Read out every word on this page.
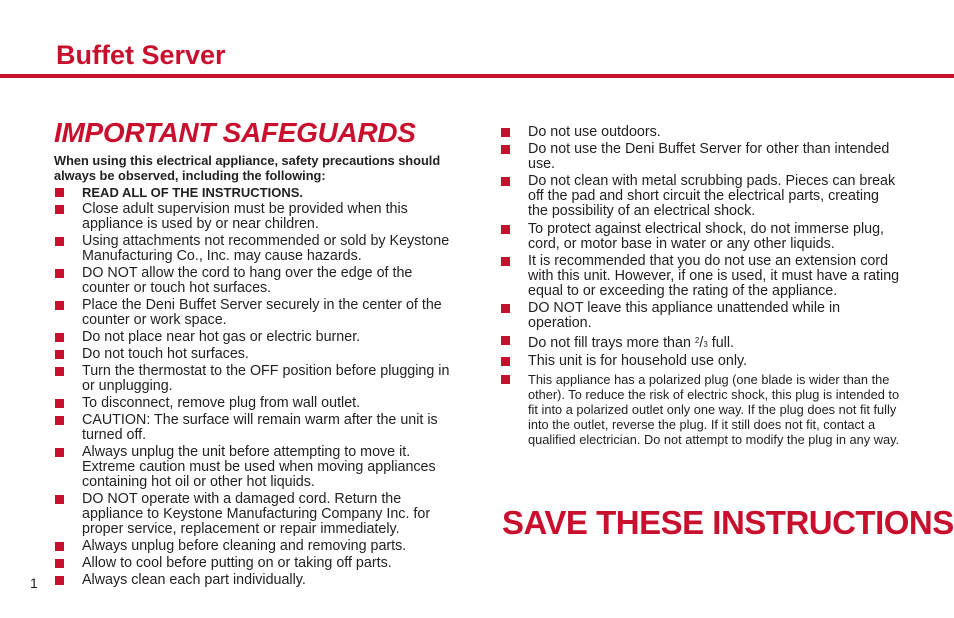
Buffet Server
IMPORTANT SAFEGUARDS

When using this electrical appliance, safety precautions should always be observed, including the following:

READ ALL OF THE INSTRUCTIONS.
Close adult supervision must be provided when this appliance is used by or near children.
Using attachments not recommended or sold by Keystone Manufacturing Co., Inc. may cause hazards.
DO NOT allow the cord to hang over the edge of the counter or touch hot surfaces.
Place the Deni Buffet Server securely in the center of the counter or work space.
Do not place near hot gas or electric burner.
Do not touch hot surfaces.
Turn the thermostat to the OFF position before plugging in or unplugging.
To disconnect, remove plug from wall outlet.
CAUTION: The surface will remain warm after the unit is turned off.
Always unplug the unit before attempting to move it. Extreme caution must be used when moving appliances containing hot oil or other hot liquids.
DO NOT operate with a damaged cord. Return the appliance to Keystone Manufacturing Company Inc. for proper service, replacement or repair immediately.
Always unplug before cleaning and removing parts.
Allow to cool before putting on or taking off parts.
Always clean each part individually.
Do not use outdoors.
Do not use the Deni Buffet Server for other than intended use.
Do not clean with metal scrubbing pads. Pieces can break off the pad and short circuit the electrical parts, creating the possibility of an electrical shock.
To protect against electrical shock, do not immerse plug, cord, or motor base in water or any other liquids.
It is recommended that you do not use an extension cord with this unit. However, if one is used, it must have a rating equal to or exceeding the rating of the appliance.
DO NOT leave this appliance unattended while in operation.
Do not fill trays more than $^2$/3 full.
This unit is for household use only.
This appliance has a polarized plug (one blade is wider than the other). To reduce the risk of electric shock, this plug is intended to fit into a polarized outlet only one way. If the plug does not fit fully into the outlet, reverse the plug. If it still does not fit, contact a qualified electrician. Do not attempt to modify the plug in any way.
SAVE THESE INSTRUCTIONS
1
